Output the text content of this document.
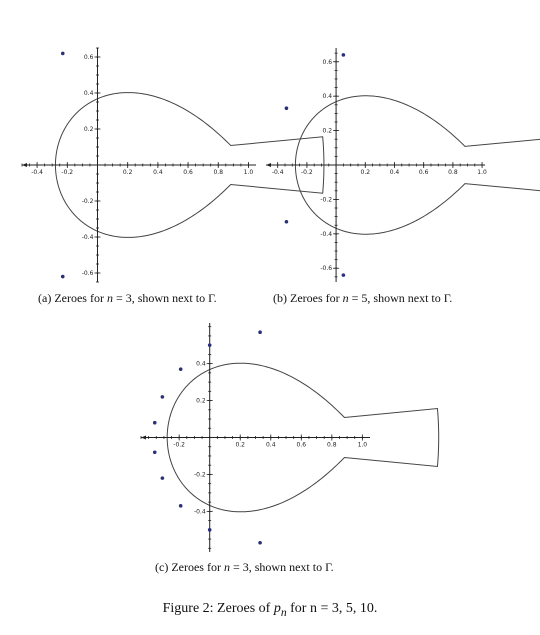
-0.4	-0.2	0.2	0.4	0.6	0.8	1.0
-0.6
-0.4
-0.2
0.2
0.4
0.6
(a) Zeroes for n = 3, shown next to Γ.
-0.4	-0.2	0.2	0.4	0.6	0.8	1.0
-0.6
-0.4
-0.2
0.2
0.4
0.6
(b) Zeroes for n = 5, shown next to Γ.
-0.2	0.2	0.4	0.6	0.8	1.0
-0.4
-0.2
0.2
0.4
(c) Zeroes for n = 3, shown next to Γ.
Figure 2: Zeroes of $p_n$ for n = 3, 5, 10.
